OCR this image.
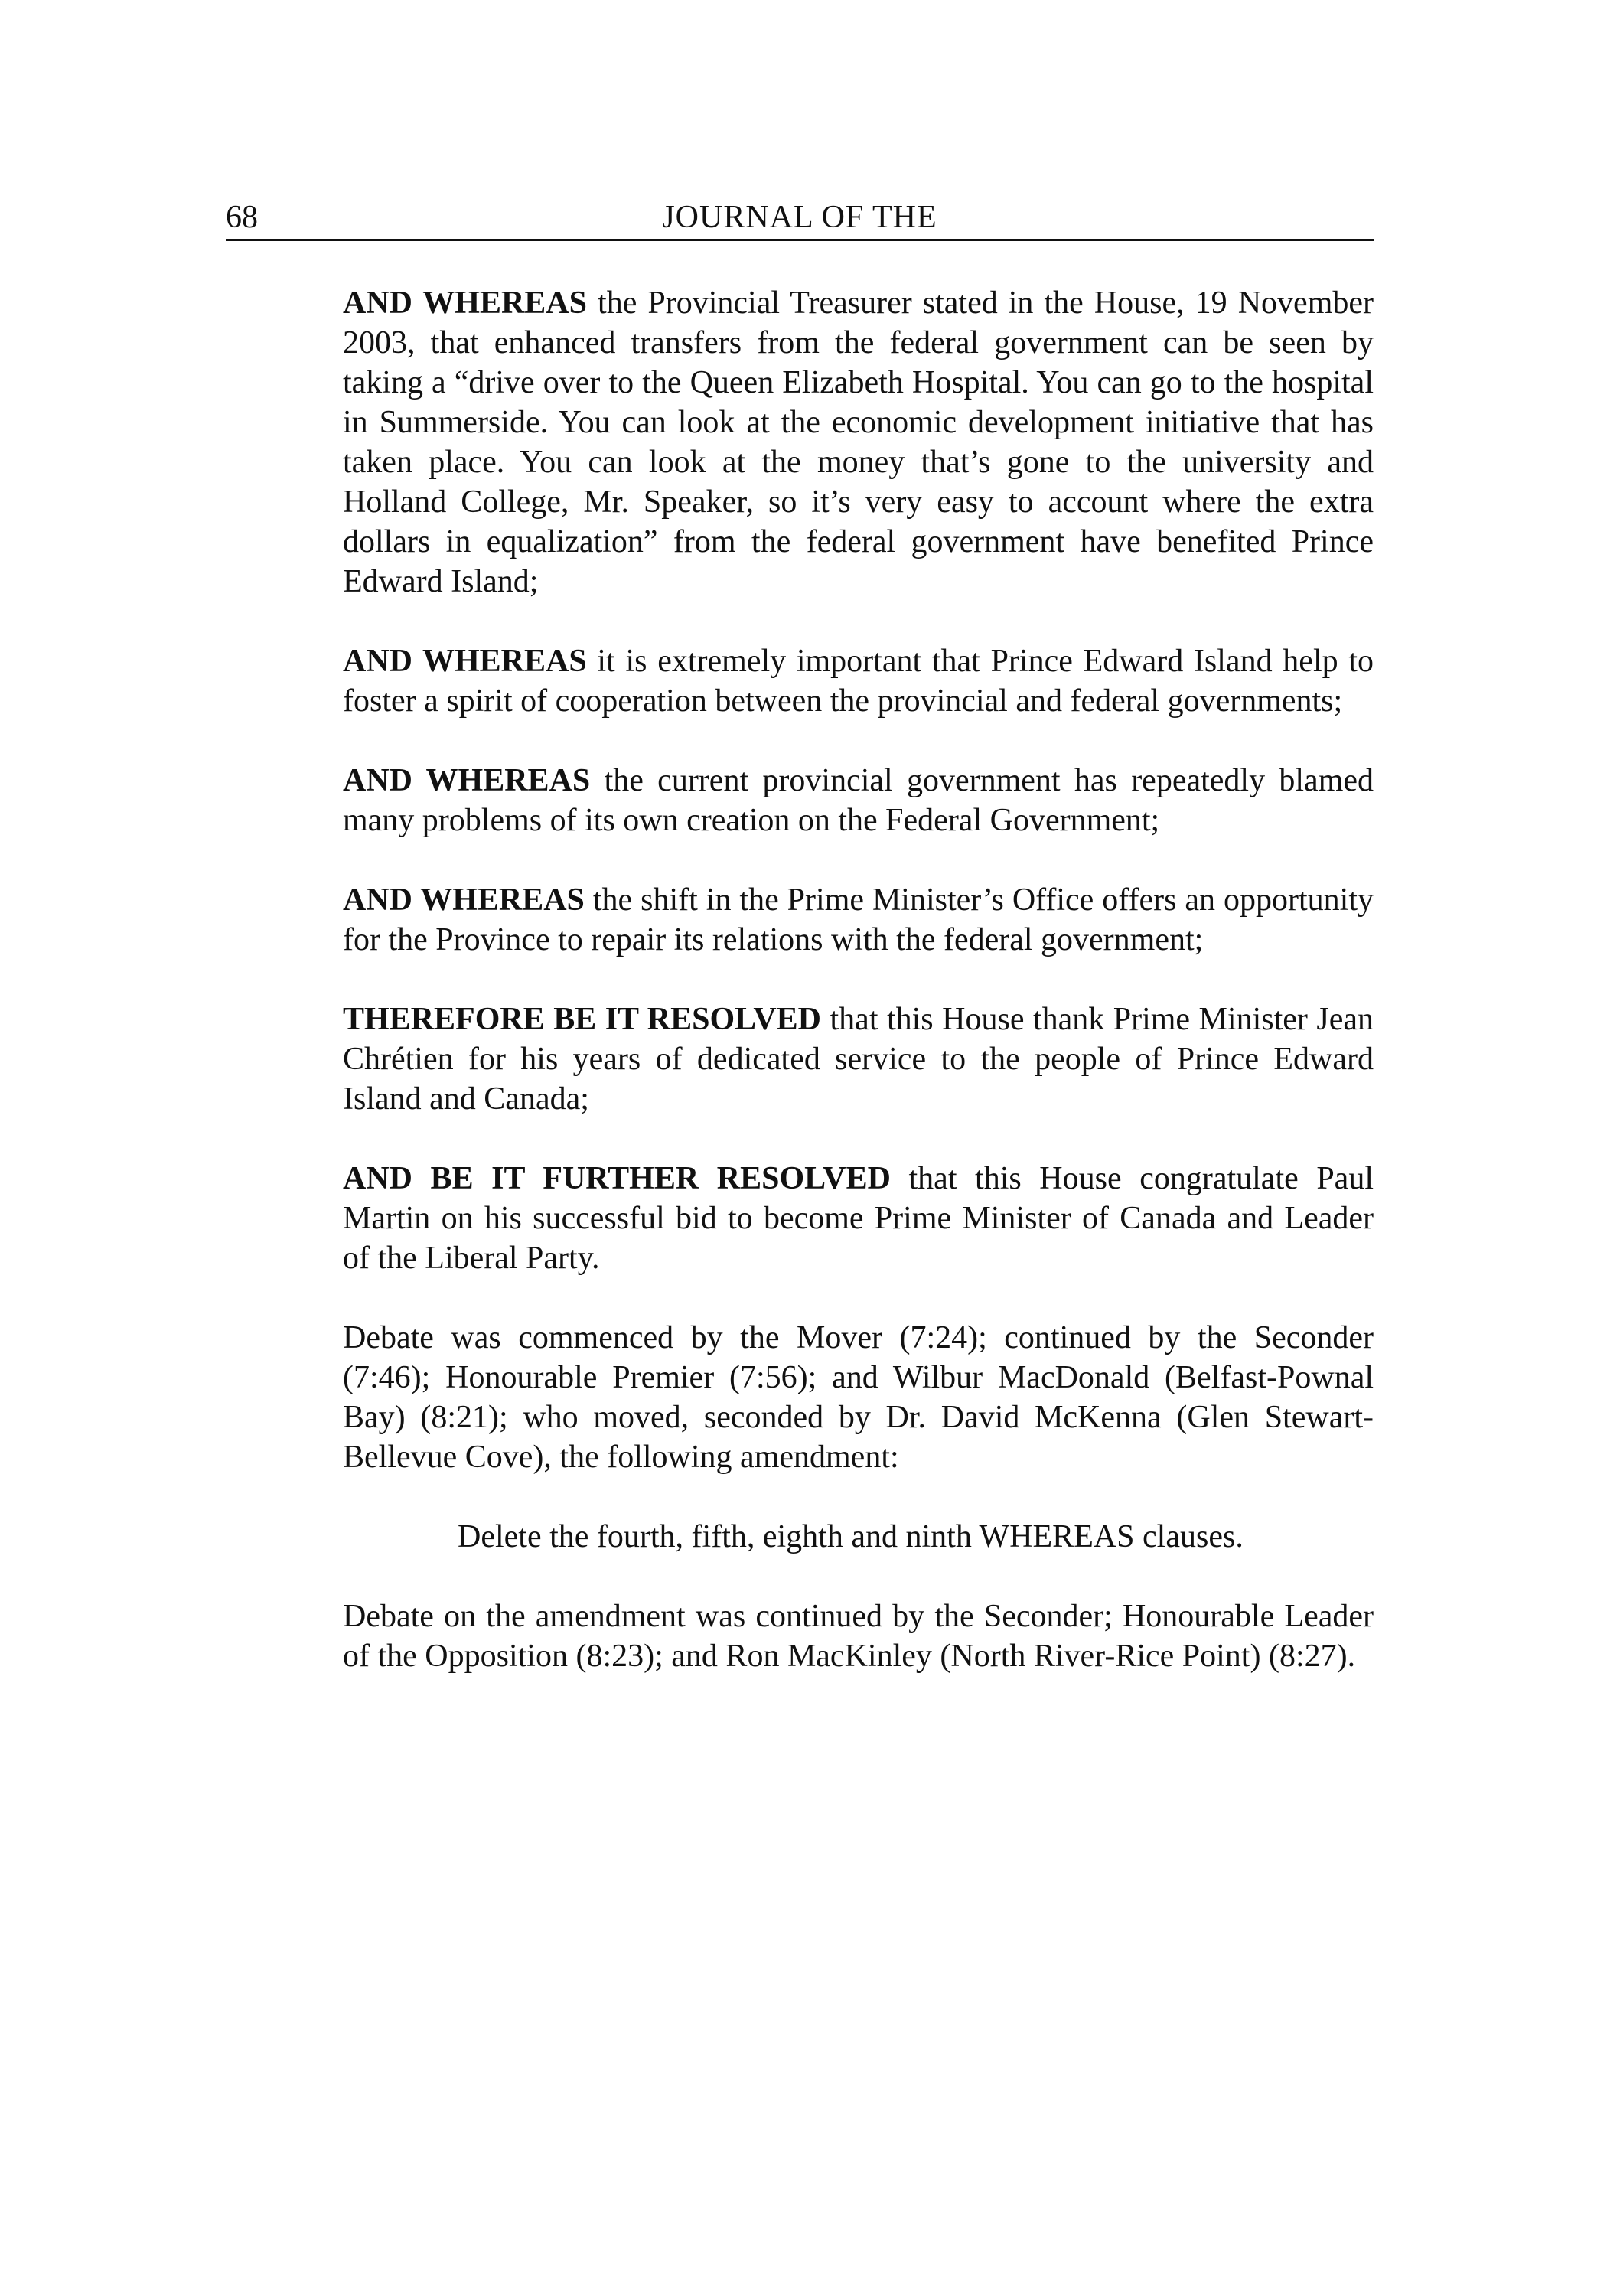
68	JOURNAL OF THE

AND WHEREAS the Provincial Treasurer stated in the House, 19 November 2003, that enhanced transfers from the federal government can be seen by taking a “drive over to the Queen Elizabeth Hospital. You can go to the hospital in Summerside. You can look at the economic development initiative that has taken place. You can look at the money that’s gone to the university and Holland College, Mr. Speaker, so it’s very easy to account where the extra dollars in equalization” from the federal government have benefited Prince Edward Island;

AND WHEREAS it is extremely important that Prince Edward Island help to foster a spirit of cooperation between the provincial and federal governments;

AND WHEREAS the current provincial government has repeatedly blamed many problems of its own creation on the Federal Government;

AND WHEREAS the shift in the Prime Minister’s Office offers an opportunity for the Province to repair its relations with the federal government;

THEREFORE BE IT RESOLVED that this House thank Prime Minister Jean Chrétien for his years of dedicated service to the people of Prince Edward Island and Canada;

AND BE IT FURTHER RESOLVED that this House congratulate Paul Martin on his successful bid to become Prime Minister of Canada and Leader of the Liberal Party.

Debate was commenced by the Mover (7:24); continued by the Seconder (7:46); Honourable Premier (7:56); and Wilbur MacDonald (Belfast-Pownal Bay) (8:21); who moved, seconded by Dr. David McKenna (Glen Stewart-Bellevue Cove), the following amendment:

Delete the fourth, fifth, eighth and ninth WHEREAS clauses.

Debate on the amendment was continued by the Seconder; Honourable Leader of the Opposition (8:23); and Ron MacKinley (North River-Rice Point) (8:27).
